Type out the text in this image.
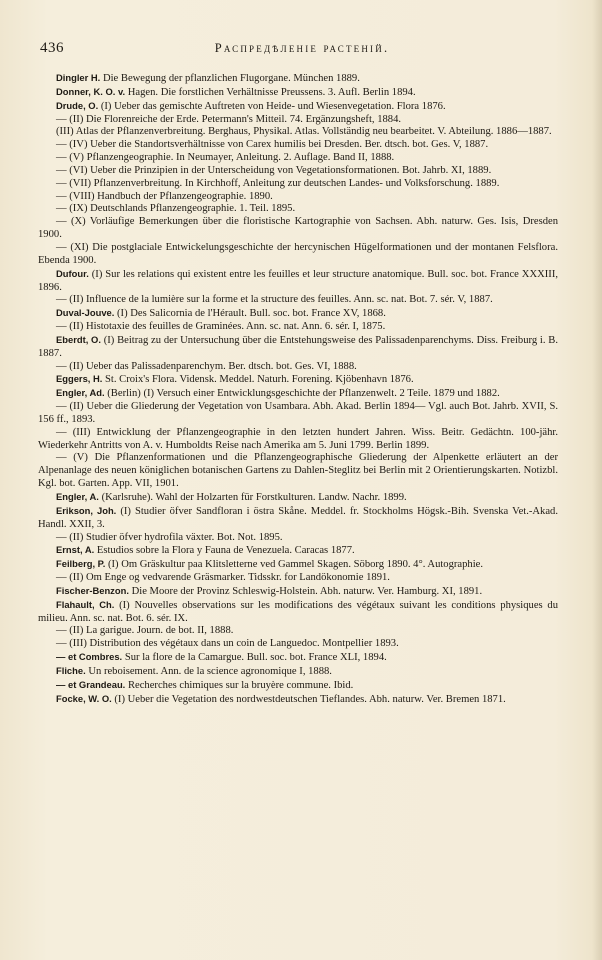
436	Распредѣленіе растеній.

Dingler H. Die Bewegung der pflanzlichen Flugorgane. München 1889.

Donner, K. O. v. Hagen. Die forstlichen Verhältnisse Preussens. 3. Aufl. Berlin 1894.

Drude, O. (I) Ueber das gemischte Auftreten von Heide- und Wiesenvegetation. Flora 1876.

— (II) Die Florenreiche der Erde. Petermann's Mitteil. 74. Ergänzungsheft, 1884.

(III) Atlas der Pflanzenverbreitung. Berghaus, Physikal. Atlas. Vollständig neu bearbeitet. V. Abteilung. 1886—1887.

— (IV) Ueber die Standortsverhältnisse von Carex humilis bei Dresden. Ber. dtsch. bot. Ges. V, 1887.

— (V) Pflanzengeographie. In Neumayer, Anleitung. 2. Auflage. Band II, 1888.

— (VI) Ueber die Prinzipien in der Unterscheidung von Vegetationsformationen. Bot. Jahrb. XI, 1889.

— (VII) Pflanzenverbreitung. In Kirchhoff, Anleitung zur deutschen Landes- und Volksforschung. 1889.

— (VIII) Handbuch der Pflanzengeographie. 1890.

— (IX) Deutschlands Pflanzengeographie. 1. Teil. 1895.

— (X) Vorläufige Bemerkungen über die floristische Kartographie von Sachsen. Abh. naturw. Ges. Isis, Dresden 1900.

— (XI) Die postglaciale Entwickelungsgeschichte der hercynischen Hügelformationen und der montanen Felsflora. Ebenda 1900.

Dufour. (I) Sur les relations qui existent entre les feuilles et leur structure anatomique. Bull. soc. bot. France XXXIII, 1896.

— (II) Influence de la lumière sur la forme et la structure des feuilles. Ann. sc. nat. Bot. 7. sér. V, 1887.

Duval-Jouve. (I) Des Salicornia de l'Hérault. Bull. soc. bot. France XV, 1868.

— (II) Histotaxie des feuilles de Graminées. Ann. sc. nat. Ann. 6. sér. I, 1875.

Eberdt, O. (I) Beitrag zu der Untersuchung über die Entstehungsweise des Palissadenparenchyms. Diss. Freiburg i. B. 1887.

— (II) Ueber das Palissadenparenchym. Ber. dtsch. bot. Ges. VI, 1888.

Eggers, H. St. Croix's Flora. Vidensk. Meddel. Naturh. Forening. Kjöbenhavn 1876.

Engler, Ad. (Berlin) (I) Versuch einer Entwicklungsgeschichte der Pflanzenwelt. 2 Teile. 1879 und 1882.

— (II) Ueber die Gliederung der Vegetation von Usambara. Abh. Akad. Berlin 1894— Vgl. auch Bot. Jahrb. XVII, S. 156 ff., 1893.

— (III) Entwicklung der Pflanzengeographie in den letzten hundert Jahren. Wiss. Beitr. Gedächtn. 100-jähr. Wiederkehr Antritts von A. v. Humboldts Reise nach Amerika am 5. Juni 1799. Berlin 1899.

— (V) Die Pflanzenformationen und die Pflanzengeographische Gliederung der Alpenkette erläutert an der Alpenanlage des neuen königlichen botanischen Gartens zu Dahlen-Steglitz bei Berlin mit 2 Orientierungskarten. Notizbl. Kgl. bot. Garten. App. VII, 1901.

Engler, A. (Karlsruhe). Wahl der Holzarten für Forstkulturen. Landw. Nachr. 1899.

Erikson, Joh. (I) Studier öfver Sandfloran i östra Skåne. Meddel. fr. Stockholms Högsk.-Bih. Svenska Vet.-Akad. Handl. XXII, 3.

— (II) Studier öfver hydrofila växter. Bot. Not. 1895.

Ernst, A. Estudios sobre la Flora y Fauna de Venezuela. Caracas 1877.

Feilberg, P. (I) Om Gräskultur paa Klitsletterne ved Gammel Skagen. Söborg 1890. 4°. Autographie.

— (II) Om Enge og vedvarende Gräsmarker. Tidsskr. for Landökonomie 1891.

Fischer-Benzon. Die Moore der Provinz Schleswig-Holstein. Abh. naturw. Ver. Hamburg. XI, 1891.

Flahault, Ch. (I) Nouvelles observations sur les modifications des végétaux suivant les conditions physiques du milieu. Ann. sc. nat. Bot. 6. sér. IX.

— (II) La garigue. Journ. de bot. II, 1888.

— (III) Distribution des végétaux dans un coin de Languedoc. Montpellier 1893.

— et Combres. Sur la flore de la Camargue. Bull. soc. bot. France XLI, 1894.

Fliche. Un reboisement. Ann. de la science agronomique I, 1888.

— et Grandeau. Recherches chimiques sur la bruyère commune. Ibid.

Focke, W. O. (I) Ueber die Vegetation des nordwestdeutschen Tieflandes. Abh. naturw. Ver. Bremen 1871.
